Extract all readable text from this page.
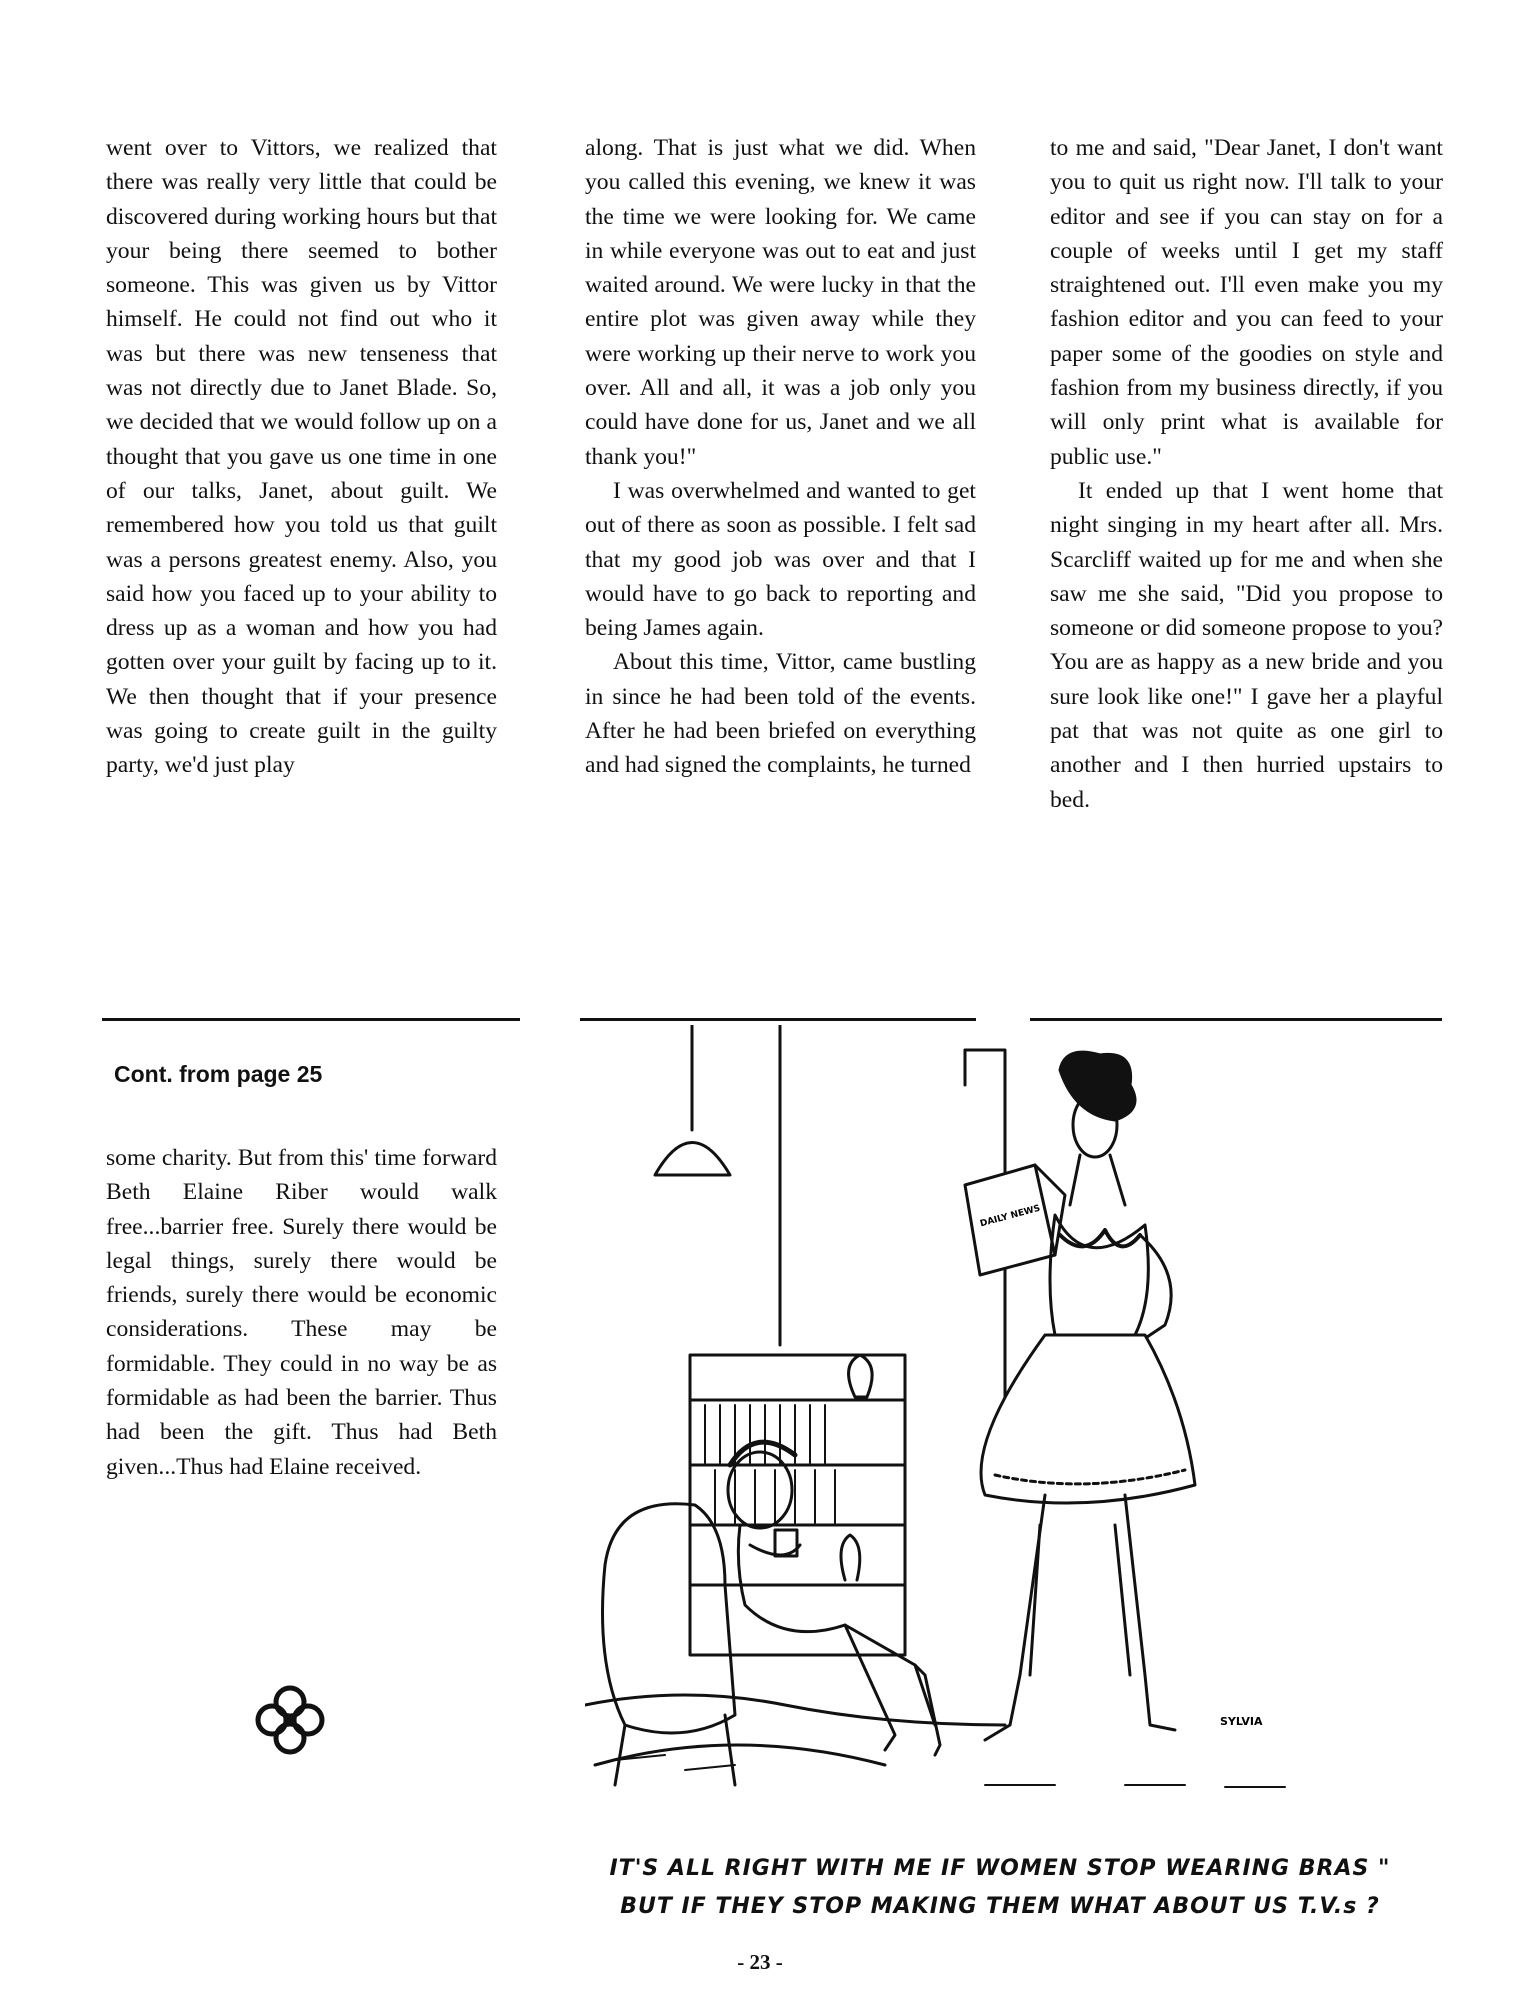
went over to Vittors, we realized that there was really very little that could be discovered during working hours but that your being there seemed to bother someone. This was given us by Vittor himself. He could not find out who it was but there was new tenseness that was not directly due to Janet Blade. So, we decided that we would follow up on a thought that you gave us one time in one of our talks, Janet, about guilt. We remembered how you told us that guilt was a persons greatest enemy. Also, you said how you faced up to your ability to dress up as a woman and how you had gotten over your guilt by facing up to it. We then thought that if your presence was going to create guilt in the guilty party, we'd just play

along. That is just what we did. When you called this evening, we knew it was the time we were looking for. We came in while everyone was out to eat and just waited around. We were lucky in that the entire plot was given away while they were working up their nerve to work you over. All and all, it was a job only you could have done for us, Janet and we all thank you!"

I was overwhelmed and wanted to get out of there as soon as possible. I felt sad that my good job was over and that I would have to go back to reporting and being James again.

About this time, Vittor, came bustling in since he had been told of the events. After he had been briefed on everything and had signed the complaints, he turned

to me and said, "Dear Janet, I don't want you to quit us right now. I'll talk to your editor and see if you can stay on for a couple of weeks until I get my staff straightened out. I'll even make you my fashion editor and you can feed to your paper some of the goodies on style and fashion from my business directly, if you will only print what is available for public use."

It ended up that I went home that night singing in my heart after all. Mrs. Scarcliff waited up for me and when she saw me she said, "Did you propose to someone or did someone propose to you? You are as happy as a new bride and you sure look like one!" I gave her a playful pat that was not quite as one girl to another and I then hurried upstairs to bed.

Cont. from page 25

some charity. But from this' time forward Beth Elaine Riber would walk free...barrier free. Surely there would be legal things, surely there would be friends, surely there would be economic considerations. These may be formidable. They could in no way be as formidable as had been the barrier. Thus had been the gift. Thus had Beth given...Thus had Elaine received.

SYLVIA
DAILY NEWS
IT'S ALL RIGHT WITH ME IF WOMEN STOP WEARING BRAS "
BUT IF THEY STOP MAKING THEM WHAT ABOUT US T.V.s ?
- 23 -
